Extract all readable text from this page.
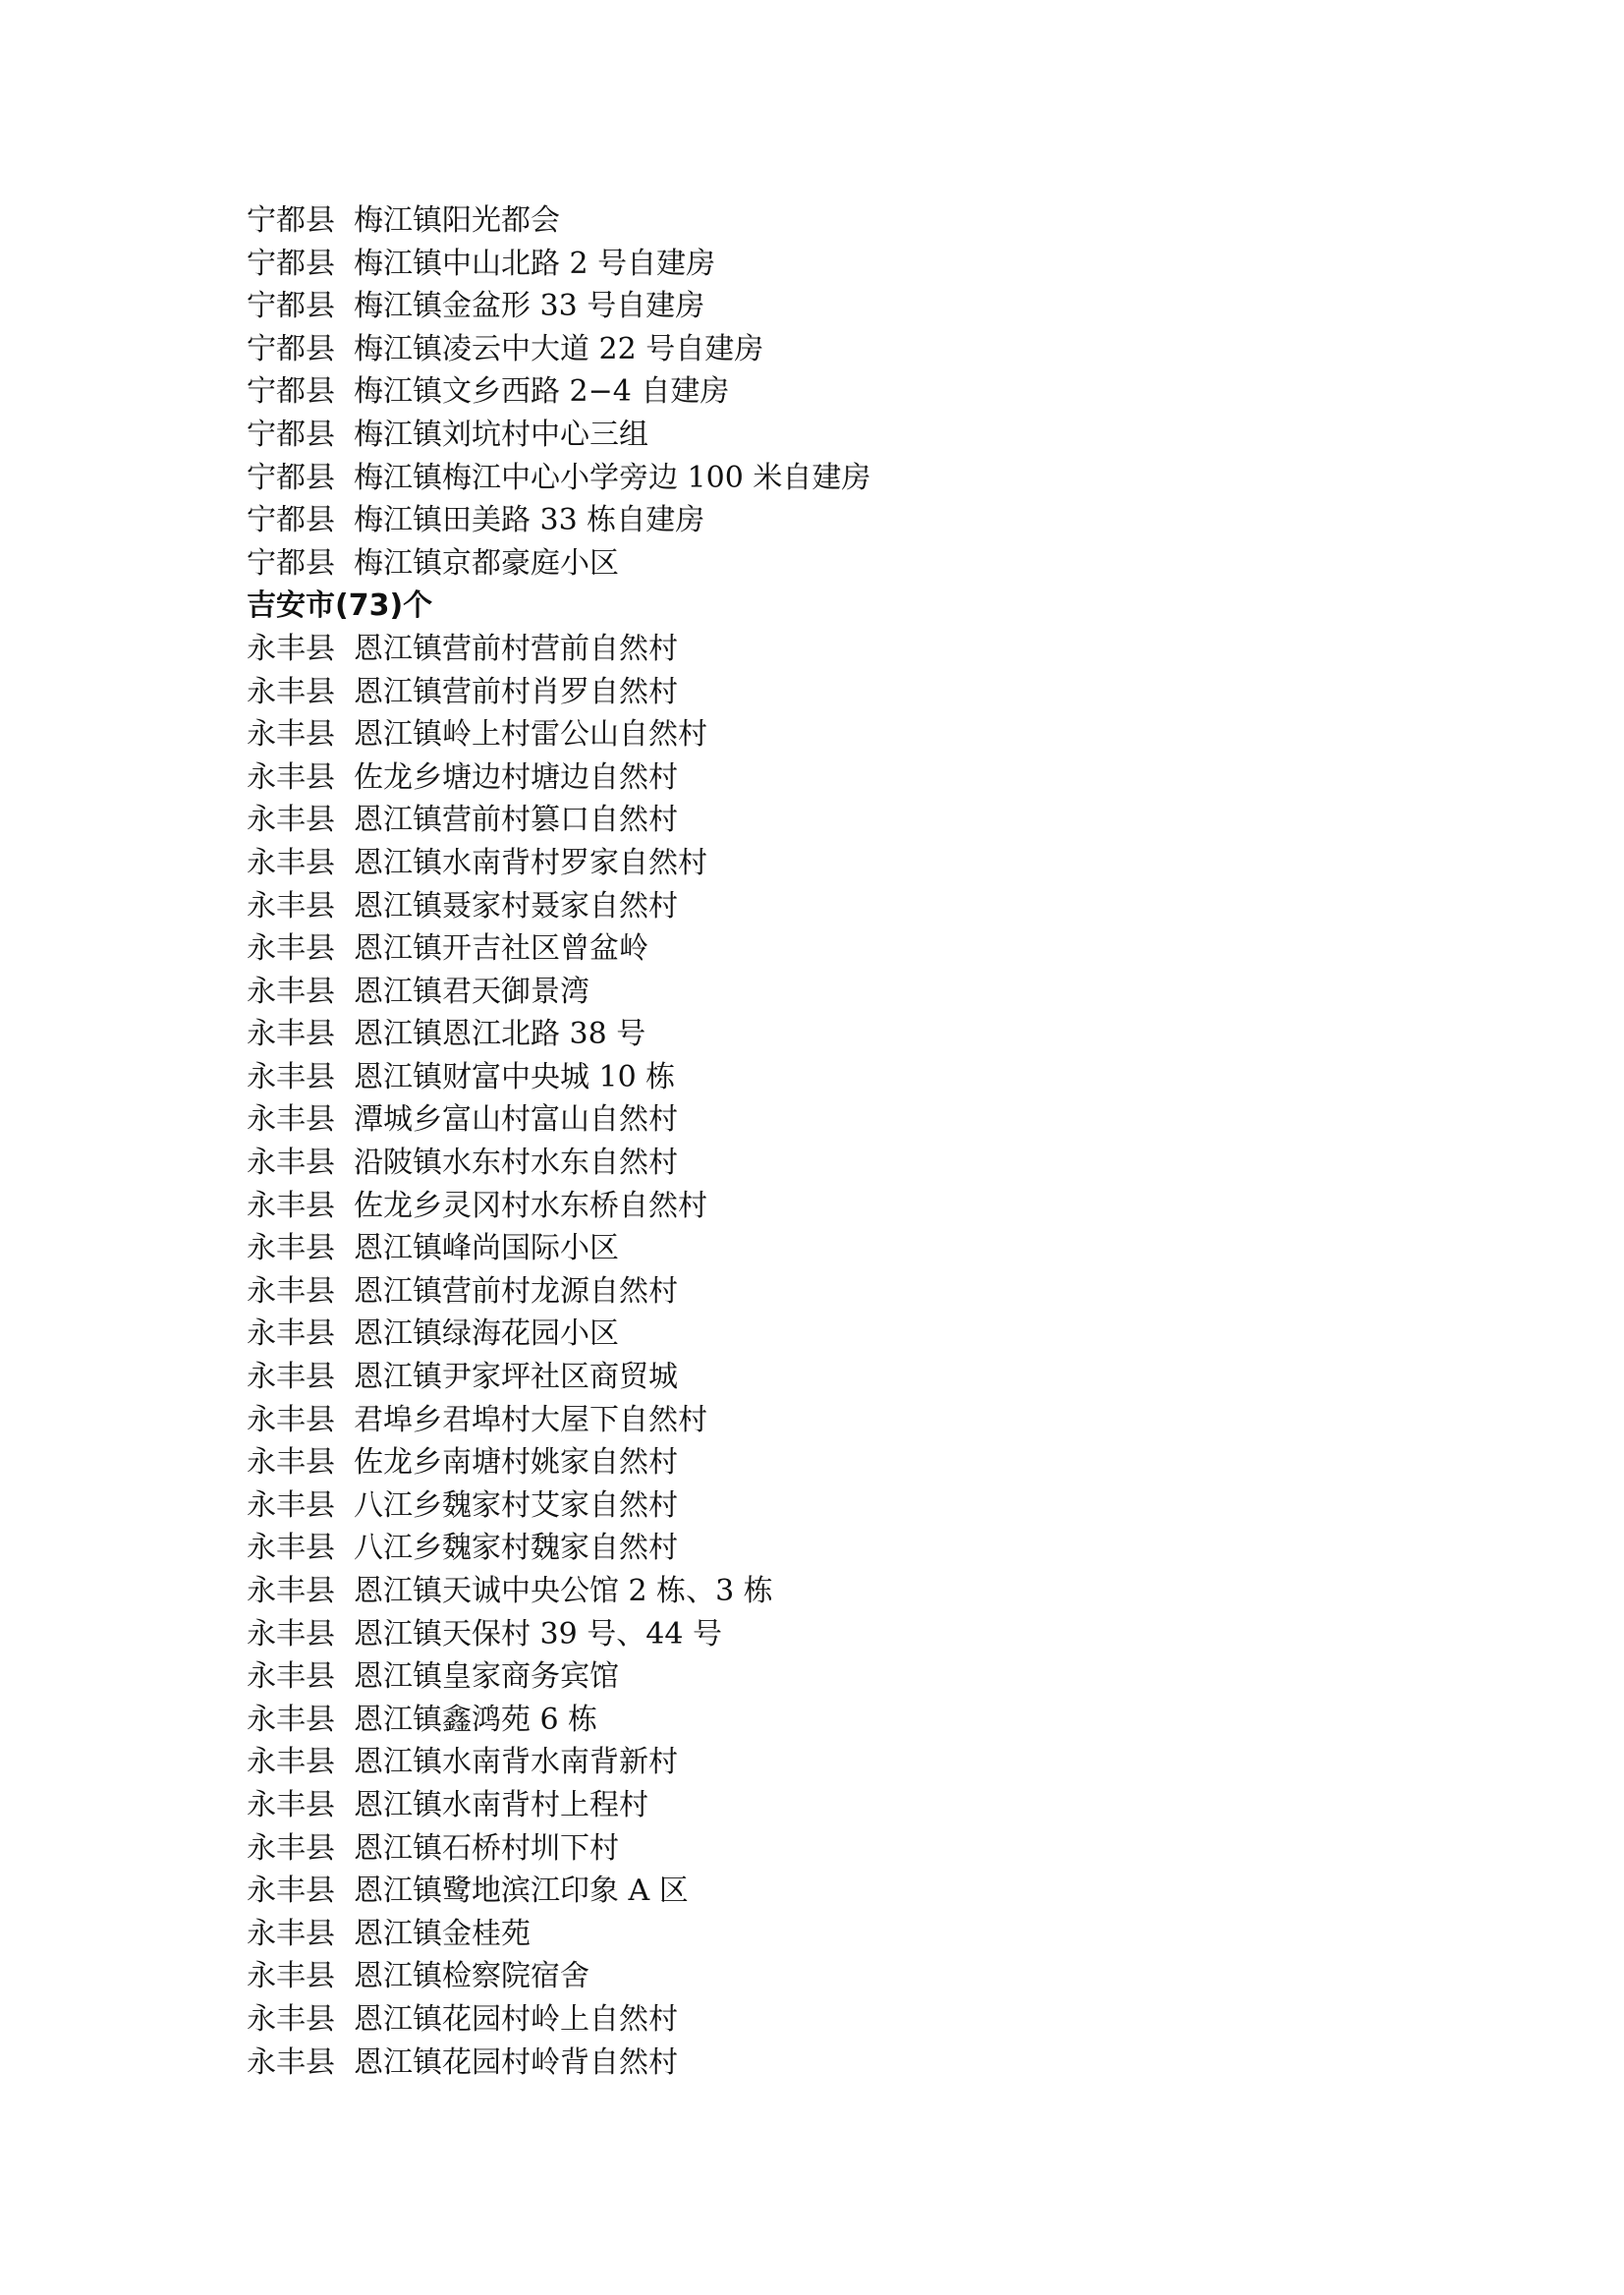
宁都县 梅江镇阳光都会
宁都县 梅江镇中山北路 2 号自建房
宁都县 梅江镇金盆形 33 号自建房
宁都县 梅江镇凌云中大道 22 号自建房
宁都县 梅江镇文乡西路 2−4 自建房
宁都县 梅江镇刘坑村中心三组
宁都县 梅江镇梅江中心小学旁边 100 米自建房
宁都县 梅江镇田美路 33 栋自建房
宁都县 梅江镇京都豪庭小区
吉安市(73)个
永丰县 恩江镇营前村营前自然村
永丰县 恩江镇营前村肖罗自然村
永丰县 恩江镇岭上村雷公山自然村
永丰县 佐龙乡塘边村塘边自然村
永丰县 恩江镇营前村篡口自然村
永丰县 恩江镇水南背村罗家自然村
永丰县 恩江镇聂家村聂家自然村
永丰县 恩江镇开吉社区曾盆岭
永丰县 恩江镇君天御景湾
永丰县 恩江镇恩江北路 38 号
永丰县 恩江镇财富中央城 10 栋
永丰县 潭城乡富山村富山自然村
永丰县 沿陂镇水东村水东自然村
永丰县 佐龙乡灵冈村水东桥自然村
永丰县 恩江镇峰尚国际小区
永丰县 恩江镇营前村龙源自然村
永丰县 恩江镇绿海花园小区
永丰县 恩江镇尹家坪社区商贸城
永丰县 君埠乡君埠村大屋下自然村
永丰县 佐龙乡南塘村姚家自然村
永丰县 八江乡魏家村艾家自然村
永丰县 八江乡魏家村魏家自然村
永丰县 恩江镇天诚中央公馆 2 栋、3 栋
永丰县 恩江镇天保村 39 号、44 号
永丰县 恩江镇皇家商务宾馆
永丰县 恩江镇鑫鸿苑 6 栋
永丰县 恩江镇水南背水南背新村
永丰县 恩江镇水南背村上程村
永丰县 恩江镇石桥村圳下村
永丰县 恩江镇鹭地滨江印象 A 区
永丰县 恩江镇金桂苑
永丰县 恩江镇检察院宿舍
永丰县 恩江镇花园村岭上自然村
永丰县 恩江镇花园村岭背自然村
